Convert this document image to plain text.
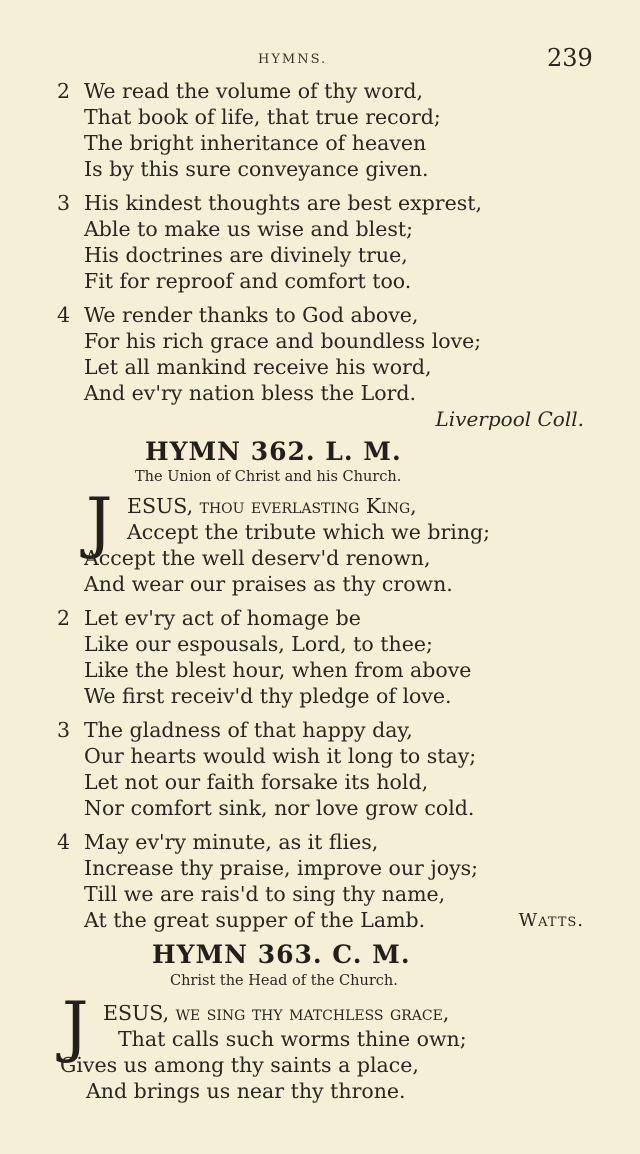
HYMNS.	239
2 We read the volume of thy word,
That book of life, that true record;
The bright inheritance of heaven
Is by this sure conveyance given.
3 His kindest thoughts are best exprest,
Able to make us wise and blest;
His doctrines are divinely true,
Fit for reproof and comfort too.
4 We render thanks to God above,
For his rich grace and boundless love;
Let all mankind receive his word,
And ev'ry nation bless the Lord.
Liverpool Coll.
HYMN 362. L. M.
The Union of Christ and his Church.
J ESUS, thou everlasting King,
Accept the tribute which we bring;
Accept the well deserv'd renown,
And wear our praises as thy crown.
2 Let ev'ry act of homage be
Like our espousals, Lord, to thee;
Like the blest hour, when from above
We first receiv'd thy pledge of love.
3 The gladness of that happy day,
Our hearts would wish it long to stay;
Let not our faith forsake its hold,
Nor comfort sink, nor love grow cold.
4 May ev'ry minute, as it flies,
Increase thy praise, improve our joys;
Till we are rais'd to sing thy name,
At the great supper of the Lamb.	Watts.
HYMN 363. C. M.
Christ the Head of the Church.
J ESUS, we sing thy matchless grace,
That calls such worms thine own;
Gives us among thy saints a place,
And brings us near thy throne.
